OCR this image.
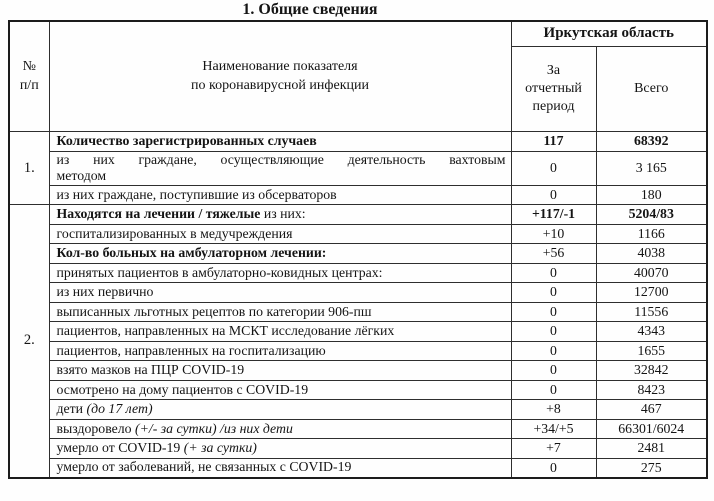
1. Общие сведения
№
п/п

Наименование показателя
по коронавирусной инфекции
	Иркутская область
		За отчетный период	Всего
1.	Количество зарегистрированных случаев	117	68392

	из них граждане, осуществляющие деятельность вахтовым
методом	0	3 165

	из них граждане, поступившие из обсерваторов	0	180
2.	Находятся на лечении / тяжелые из них:	+117/-1	5204/83

	госпитализированных в медучреждения	+10	1166

	Кол-во больных на амбулаторном лечении:	+56	4038

	принятых пациентов в амбулаторно-ковидных центрах:	0	40070

	из них первично	0	12700

	выписанных льготных рецептов по категории 906-пш	0	11556

	пациентов, направленных на МСКТ исследование лёгких	0	4343

	пациентов, направленных на госпитализацию	0	1655

	взято мазков на ПЦР COVID-19	0	32842

	осмотрено на дому пациентов с COVID-19	0	8423

	дети (до 17 лет)	+8	467

	выздоровело (+/- за сутки) /из них дети	+34/+5	66301/6024

	умерло от COVID-19 (+ за сутки)	+7	2481

	умерло от заболеваний, не связанных с COVID-19	0	275
